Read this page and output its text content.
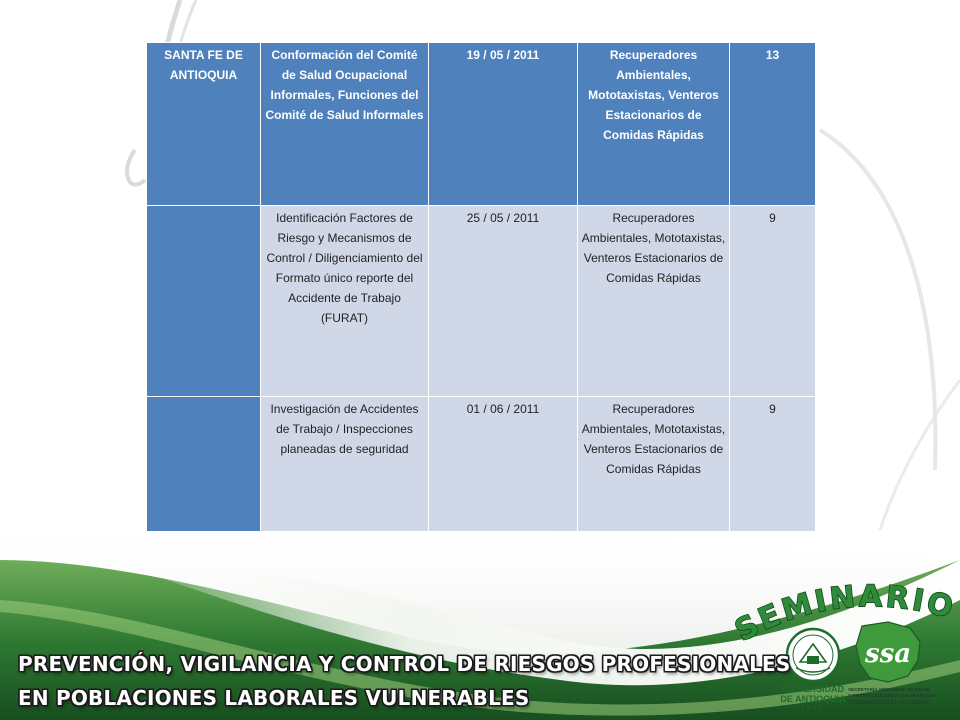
SANTA FE DE ANTIOQUIA	Conformación del Comité de Salud Ocupacional Informales, Funciones del Comité de Salud Informales	19 / 05 / 2011	Recuperadores Ambientales, Mototaxistas, Venteros Estacionarios de Comidas Rápidas	13
	Identificación Factores de Riesgo y Mecanismos de Control / Diligenciamiento del Formato único reporte del Accidente de Trabajo (FURAT)	25 / 05 / 2011	Recuperadores Ambientales, Mototaxistas, Venteros Estacionarios de Comidas Rápidas	9
	Investigación de Accidentes de Trabajo / Inspecciones planeadas de seguridad	01 / 06 / 2011	Recuperadores Ambientales, Mototaxistas, Venteros Estacionarios de Comidas Rápidas	9
SEMINARIO
UNIVERSIDAD
DE ANTIOQUIA
1803
ssa
SECRETARÍA SECCIONAL DE SALUD
Y PROTECCIÓN SOCIAL DE ANTIOQUIA
GOBERNACIÓN DE ANTIOQUIA
PREVENCIÓN, VIGILANCIA Y CONTROL DE RIESGOS PROFESIONALES
EN POBLACIONES LABORALES VULNERABLES
